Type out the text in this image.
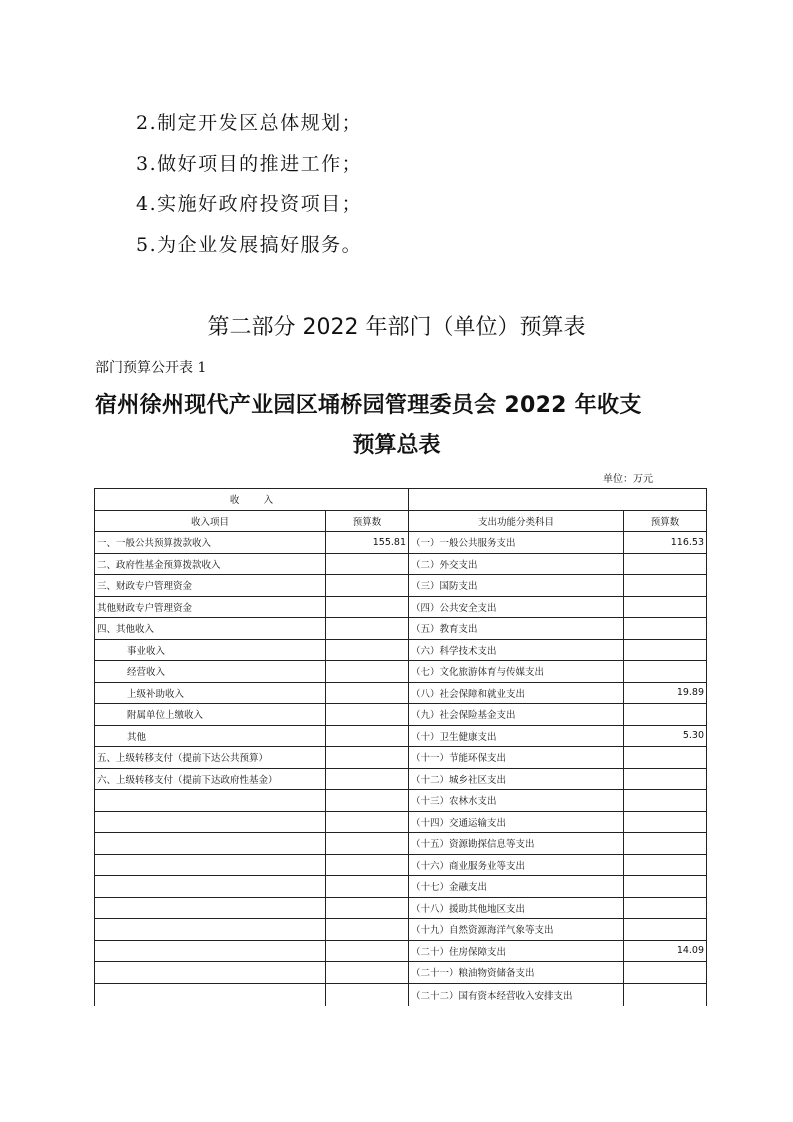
2.制定开发区总体规划；
3.做好项目的推进工作；
4.实施好政府投资项目；
5.为企业发展搞好服务。
第二部分 2022 年部门（单位）预算表
部门预算公开表 1
宿州徐州现代产业园区埇桥园管理委员会 2022 年收支
预算总表
单位：万元
收        入			
收入项目	预算数	支出功能分类科目	预算数
一、一般公共预算拨款收入	155.81	（一）一般公共服务支出	116.53
二、政府性基金预算拨款收入		（二）外交支出	
三、财政专户管理资金		（三）国防支出	
其他财政专户管理资金		（四）公共安全支出	
四、其他收入		（五）教育支出	
事业收入		（六）科学技术支出	
经营收入		（七）文化旅游体育与传媒支出	
上级补助收入		（八）社会保障和就业支出	19.89
附属单位上缴收入		（九）社会保险基金支出	
其他		（十）卫生健康支出	5.30
五、上级转移支付（提前下达公共预算）		（十一）节能环保支出	
六、上级转移支付（提前下达政府性基金）		（十二）城乡社区支出	
		（十三）农林水支出	
		（十四）交通运输支出	
		（十五）资源勘探信息等支出	
		（十六）商业服务业等支出	
		（十七）金融支出	
		（十八）援助其他地区支出	
		（十九）自然资源海洋气象等支出	
		（二十）住房保障支出	14.09
		（二十一）粮油物资储备支出	
		（二十二）国有资本经营收入安排支出	
